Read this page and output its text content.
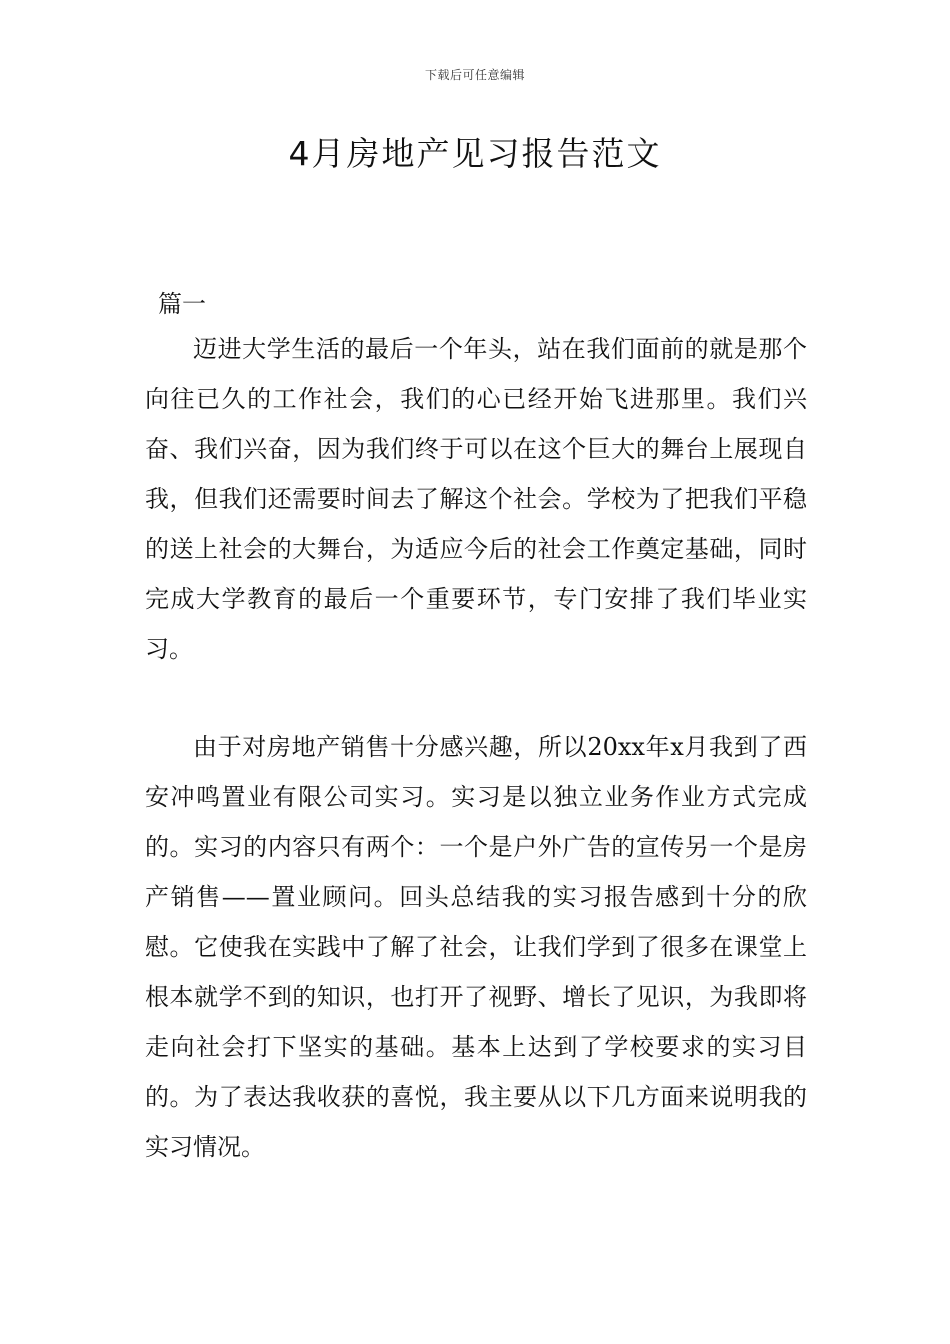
下载后可任意编辑
4月房地产见习报告范文
篇一

迈进大学生活的最后一个年头，站在我们面前的就是那个向往已久的工作社会，我们的心已经开始飞进那里。我们兴奋、我们兴奋，因为我们终于可以在这个巨大的舞台上展现自我，但我们还需要时间去了解这个社会。学校为了把我们平稳的送上社会的大舞台，为适应今后的社会工作奠定基础，同时完成大学教育的最后一个重要环节，专门安排了我们毕业实习。

由于对房地产销售十分感兴趣，所以20xx年x月我到了西安冲鸣置业有限公司实习。实习是以独立业务作业方式完成的。实习的内容只有两个：一个是户外广告的宣传另一个是房产销售——置业顾问。回头总结我的实习报告感到十分的欣慰。它使我在实践中了解了社会，让我们学到了很多在课堂上根本就学不到的知识，也打开了视野、增长了见识，为我即将走向社会打下坚实的基础。基本上达到了学校要求的实习目的。为了表达我收获的喜悦，我主要从以下几方面来说明我的实习情况。
